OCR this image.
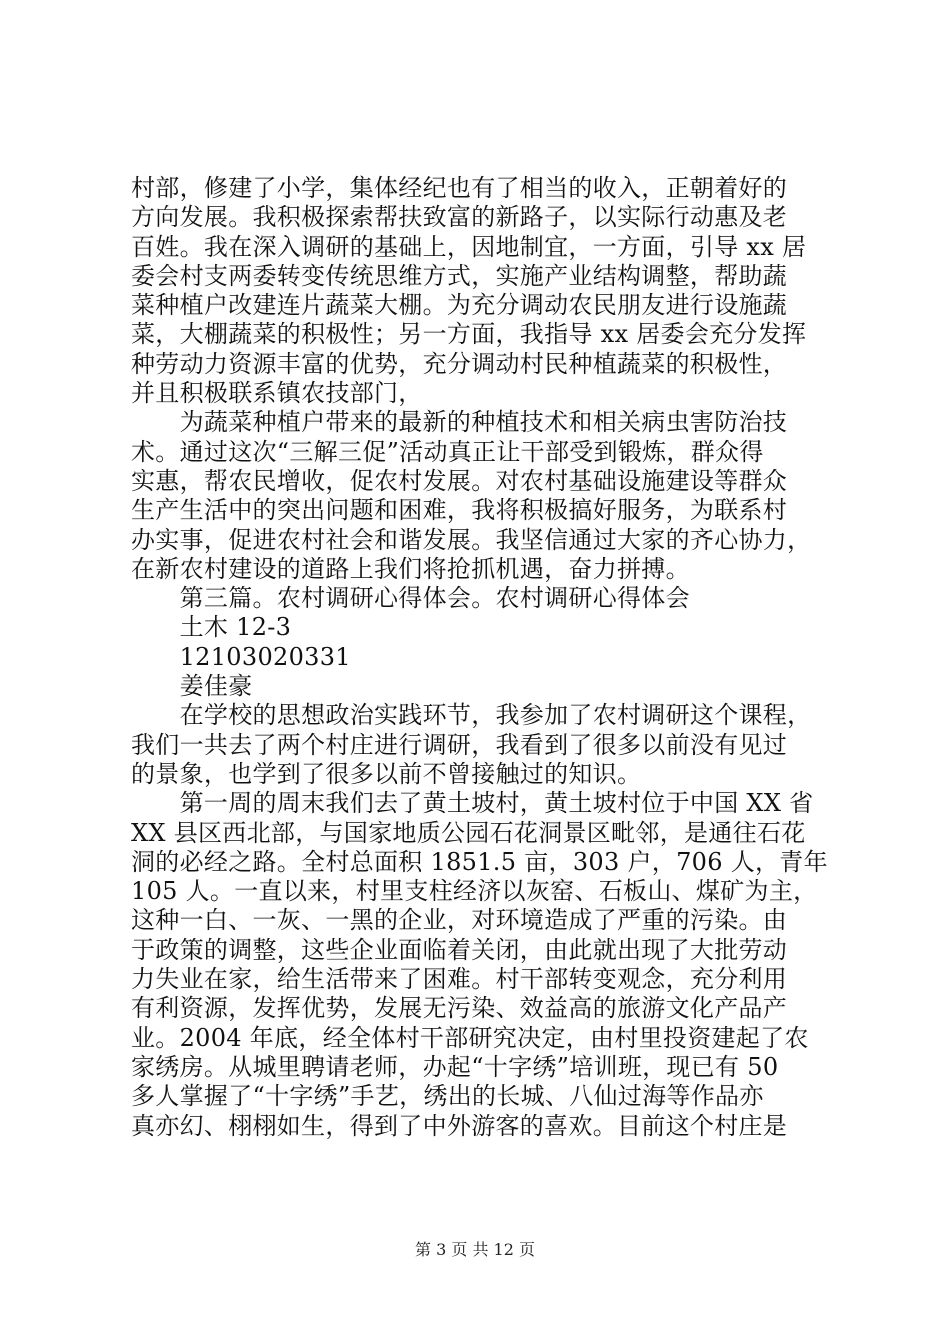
村部，修建了小学，集体经纪也有了相当的收入，正朝着好的
方向发展。我积极探索帮扶致富的新路子，以实际行动惠及老
百姓。我在深入调研的基础上，因地制宜，一方面，引导 xx 居
委会村支两委转变传统思维方式，实施产业结构调整，帮助蔬
菜种植户改建连片蔬菜大棚。为充分调动农民朋友进行设施蔬
菜，大棚蔬菜的积极性；另一方面，我指导 xx 居委会充分发挥
种劳动力资源丰富的优势，充分调动村民种植蔬菜的积极性，
并且积极联系镇农技部门，
　　为蔬菜种植户带来的最新的种植技术和相关病虫害防治技
术。通过这次“三解三促”活动真正让干部受到锻炼，群众得
实惠，帮农民增收，促农村发展。对农村基础设施建设等群众
生产生活中的突出问题和困难，我将积极搞好服务，为联系村
办实事，促进农村社会和谐发展。我坚信通过大家的齐心协力，
在新农村建设的道路上我们将抢抓机遇，奋力拼搏。
　　第三篇。农村调研心得体会。农村调研心得体会
　　土木 12-3
　　12103020331
　　姜佳豪
　　在学校的思想政治实践环节，我参加了农村调研这个课程，
我们一共去了两个村庄进行调研，我看到了很多以前没有见过
的景象，也学到了很多以前不曾接触过的知识。
　　第一周的周末我们去了黄土坡村，黄土坡村位于中国 XX 省
XX 县区西北部，与国家地质公园石花洞景区毗邻，是通往石花
洞的必经之路。全村总面积 1851.5 亩，303 户，706 人，青年
105 人。一直以来，村里支柱经济以灰窑、石板山、煤矿为主，
这种一白、一灰、一黑的企业，对环境造成了严重的污染。由
于政策的调整，这些企业面临着关闭，由此就出现了大批劳动
力失业在家，给生活带来了困难。村干部转变观念，充分利用
有利资源，发挥优势，发展无污染、效益高的旅游文化产品产
业。2004 年底，经全体村干部研究决定，由村里投资建起了农
家绣房。从城里聘请老师，办起“十字绣”培训班，现已有 50
多人掌握了“十字绣”手艺，绣出的长城、八仙过海等作品亦
真亦幻、栩栩如生，得到了中外游客的喜欢。目前这个村庄是
第 3 页 共 12 页
